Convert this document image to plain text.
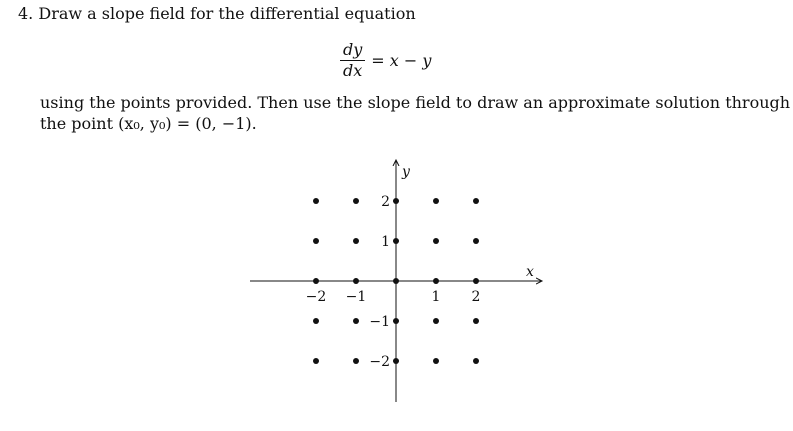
4. Draw a slope field for the differential equation
$\frac{dy}{dx} = x - y$

using the points provided. Then use the slope field to draw an approximate solution through

the point (x₀, y₀) = (0, −1).

x
y
−2 −1	1 2
2
1
−1
−2
